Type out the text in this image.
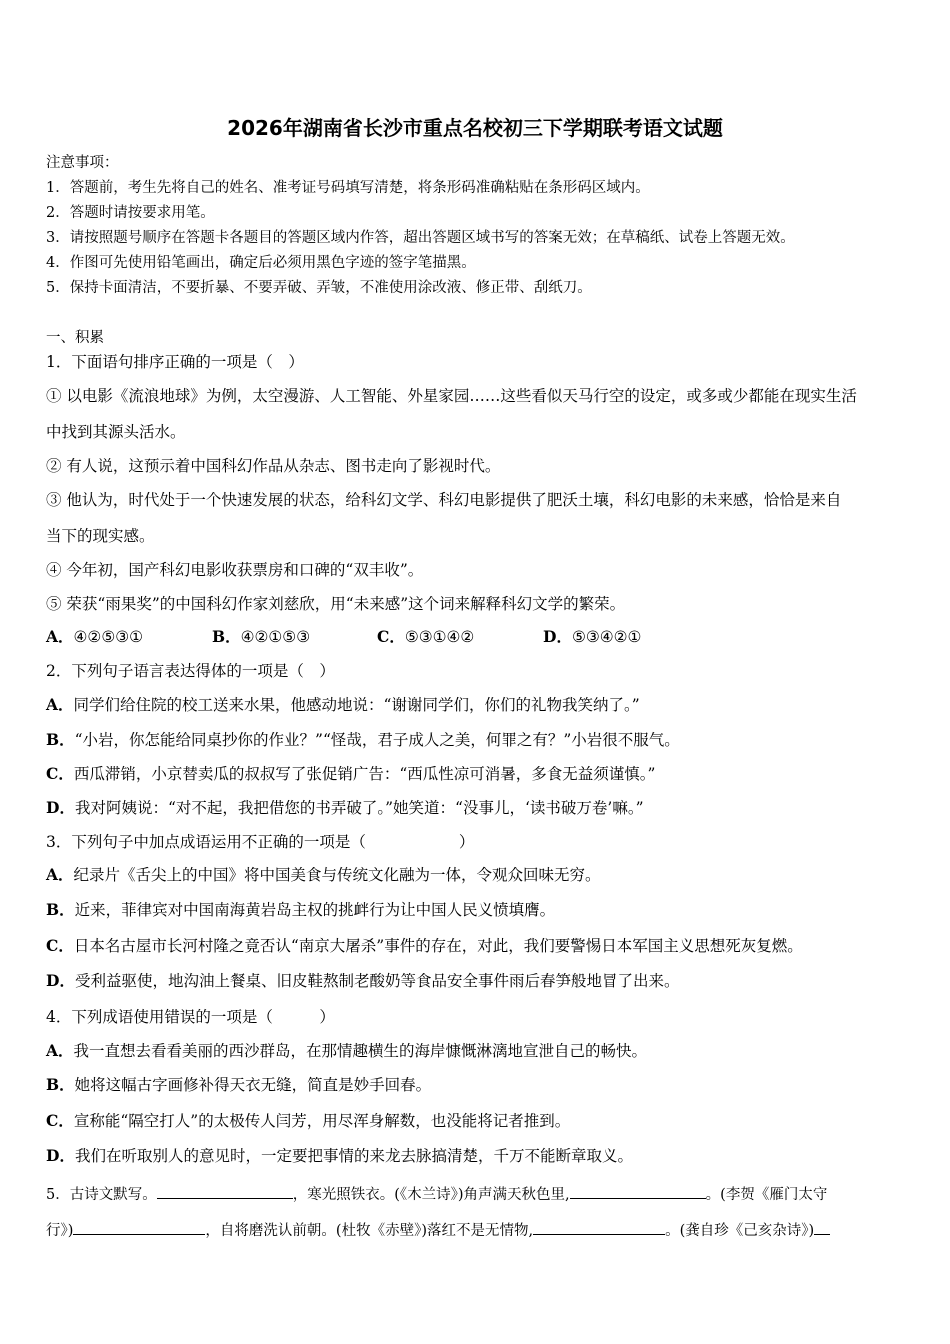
2026年湖南省长沙市重点名校初三下学期联考语文试题
注意事项：
1．答题前，考生先将自己的姓名、准考证号码填写清楚，将条形码准确粘贴在条形码区域内。
2．答题时请按要求用笔。
3．请按照题号顺序在答题卡各题目的答题区域内作答，超出答题区域书写的答案无效；在草稿纸、试卷上答题无效。
4．作图可先使用铅笔画出，确定后必须用黑色字迹的签字笔描黑。
5．保持卡面清洁，不要折暴、不要弄破、弄皱，不准使用涂改液、修正带、刮纸刀。
一、积累
1．下面语句排序正确的一项是（　）
① 以电影《流浪地球》为例，太空漫游、人工智能、外星家园……这些看似天马行空的设定，或多或少都能在现实生活
中找到其源头活水。
② 有人说，这预示着中国科幻作品从杂志、图书走向了影视时代。
③ 他认为，时代处于一个快速发展的状态，给科幻文学、科幻电影提供了肥沃土壤，科幻电影的未来感，恰恰是来自
当下的现实感。
④ 今年初，国产科幻电影收获票房和口碑的“双丰收”。
⑤ 荣获“雨果奖”的中国科幻作家刘慈欣，用“未来感”这个词来解释科幻文学的繁荣。
A．④②⑤③①	B．④②①⑤③	C．⑤③①④②	D．⑤③④②①
2．下列句子语言表达得体的一项是（　）
A．同学们给住院的校工送来水果，他感动地说：“谢谢同学们，你们的礼物我笑纳了。”
B．“小岩，你怎能给同桌抄你的作业？”“怪哉，君子成人之美，何罪之有？”小岩很不服气。
C．西瓜滞销，小京替卖瓜的叔叔写了张促销广告：“西瓜性凉可消暑，多食无益须谨慎。”
D．我对阿姨说：“对不起，我把借您的书弄破了。”她笑道：“没事儿，‘读书破万卷’嘛。”
3．下列句子中加点成语运用不正确的一项是（　　　　　　）
A．纪录片《舌尖上的中国》将中国美食与传统文化融为一体，令观众回味无穷。
B．近来，菲律宾对中国南海黄岩岛主权的挑衅行为让中国人民义愤填膺。
C．日本名古屋市长河村隆之竟否认“南京大屠杀”事件的存在，对此，我们要警惕日本军国主义思想死灰复燃。
D．受利益驱使，地沟油上餐桌、旧皮鞋熬制老酸奶等食品安全事件雨后春笋般地冒了出来。
4．下列成语使用错误的一项是（　　　）
A．我一直想去看看美丽的西沙群岛，在那情趣横生的海岸慷慨淋漓地宣泄自己的畅快。
B．她将这幅古字画修补得天衣无缝，简直是妙手回春。
C．宣称能“隔空打人”的太极传人闫芳，用尽浑身解数，也没能将记者推到。
D．我们在听取别人的意见时，一定要把事情的来龙去脉搞清楚，千万不能断章取义。
5．古诗文默写。	，寒光照铁衣。(《木兰诗》)角声满天秋色里,	。(李贺《雁门太守
行》)	，自将磨洗认前朝。(杜牧《赤壁》)落红不是无情物,	。(龚自珍《己亥杂诗》)
